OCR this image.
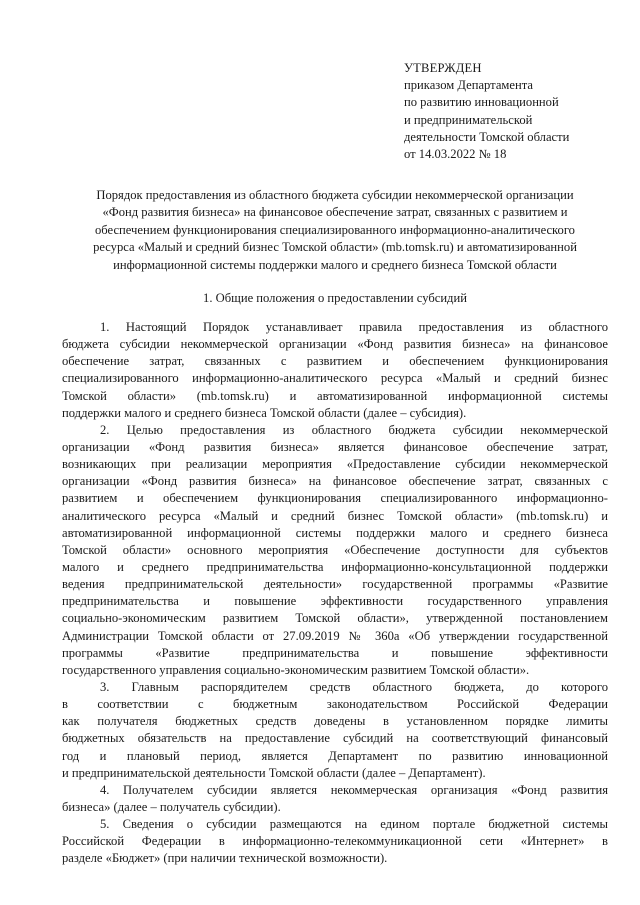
УТВЕРЖДЕН
приказом Департамента
по развитию инновационной
и предпринимательской
деятельности Томской области
от 14.03.2022 № 18
Порядок предоставления из областного бюджета субсидии некоммерческой организации
«Фонд развития бизнеса» на финансовое обеспечение затрат, связанных с развитием и
обеспечением функционирования специализированного информационно-аналитического
ресурса «Малый и средний бизнес Томской области» (mb.tomsk.ru) и автоматизированной
информационной системы поддержки малого и среднего бизнеса Томской области
1. Общие положения о предоставлении субсидий
1. Настоящий Порядок устанавливает правила предоставления из областного
бюджета субсидии некоммерческой организации «Фонд развития бизнеса» на финансовое
обеспечение затрат, связанных с развитием и обеспечением функционирования
специализированного информационно-аналитического ресурса «Малый и средний бизнес
Томской области» (mb.tomsk.ru) и автоматизированной информационной системы
поддержки малого и среднего бизнеса Томской области (далее – субсидия).
2. Целью предоставления из областного бюджета субсидии некоммерческой
организации «Фонд развития бизнеса» является финансовое обеспечение затрат,
возникающих при реализации мероприятия «Предоставление субсидии некоммерческой
организации «Фонд развития бизнеса» на финансовое обеспечение затрат, связанных с
развитием и обеспечением функционирования специализированного информационно-
аналитического ресурса «Малый и средний бизнес Томской области» (mb.tomsk.ru) и
автоматизированной информационной системы поддержки малого и среднего бизнеса
Томской области» основного мероприятия «Обеспечение доступности для субъектов
малого и среднего предпринимательства информационно-консультационной поддержки
ведения предпринимательской деятельности» государственной программы «Развитие
предпринимательства и повышение эффективности государственного управления
социально-экономическим развитием Томской области», утвержденной постановлением
Администрации Томской области от 27.09.2019 № 360а «Об утверждении государственной
программы «Развитие предпринимательства и повышение эффективности
государственного управления социально-экономическим развитием Томской области».
3. Главным распорядителем средств областного бюджета, до которого
в соответствии с бюджетным законодательством Российской Федерации
как получателя бюджетных средств доведены в установленном порядке лимиты
бюджетных обязательств на предоставление субсидий на соответствующий финансовый
год и плановый период, является Департамент по развитию инновационной
и предпринимательской деятельности Томской области (далее – Департамент).
4. Получателем субсидии является некоммерческая организация «Фонд развития
бизнеса» (далее – получатель субсидии).
5. Сведения о субсидии размещаются на едином портале бюджетной системы
Российской Федерации в информационно-телекоммуникационной сети «Интернет» в
разделе «Бюджет» (при наличии технической возможности).
